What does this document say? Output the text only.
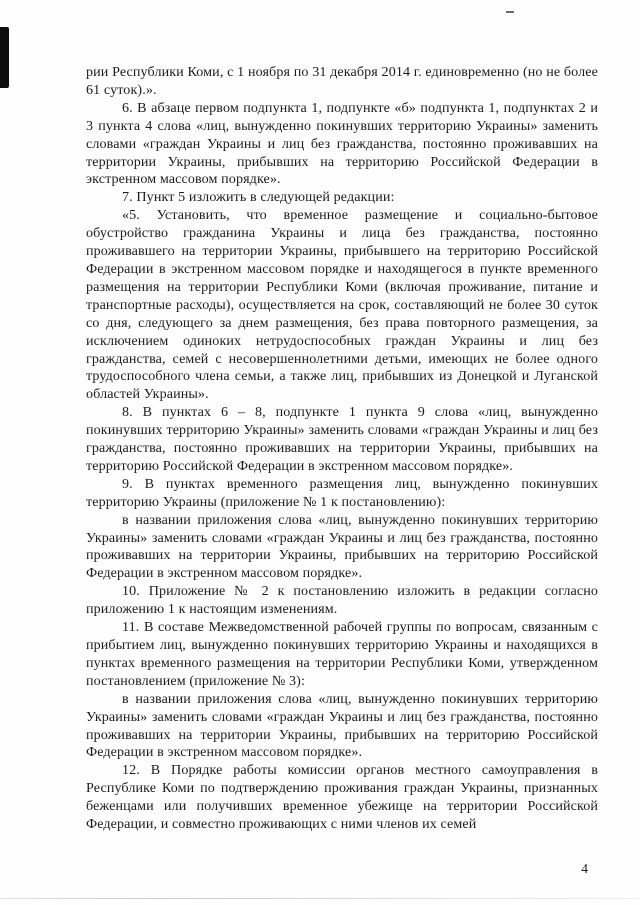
рии Республики Коми, с 1 ноября по 31 декабря 2014 г. единовременно (но не более 61 суток).».

6. В абзаце первом подпункта 1, подпункте «б» подпункта 1, подпунктах 2 и 3 пункта 4 слова «лиц, вынужденно покинувших территорию Украины» заменить словами «граждан Украины и лиц без гражданства, постоянно проживавших на территории Украины, прибывших на территорию Российской Федерации в экстренном массовом порядке».

7. Пункт 5 изложить в следующей редакции:

«5. Установить, что временное размещение и социально-бытовое обустройство гражданина Украины и лица без гражданства, постоянно проживавшего на территории Украины, прибывшего на территорию Российской Федерации в экстренном массовом порядке и находящегося в пункте временного размещения на территории Республики Коми (включая проживание, питание и транспортные расходы), осуществляется на срок, составляющий не более 30 суток со дня, следующего за днем размещения, без права повторного размещения, за исключением одиноких нетрудоспособных граждан Украины и лиц без гражданства, семей с несовершеннолетними детьми, имеющих не более одного трудоспособного члена семьи, а также лиц, прибывших из Донецкой и Луганской областей Украины».

8. В пунктах 6 – 8, подпункте 1 пункта 9 слова «лиц, вынужденно покинувших территорию Украины» заменить словами «граждан Украины и лиц без гражданства, постоянно проживавших на территории Украины, прибывших на территорию Российской Федерации в экстренном массовом порядке».

9. В пунктах временного размещения лиц, вынужденно покинувших территорию Украины (приложение № 1 к постановлению):

в названии приложения слова «лиц, вынужденно покинувших территорию Украины» заменить словами «граждан Украины и лиц без гражданства, постоянно проживавших на территории Украины, прибывших на территорию Российской Федерации в экстренном массовом порядке».

10. Приложение № 2 к постановлению изложить в редакции согласно приложению 1 к настоящим изменениям.

11. В составе Межведомственной рабочей группы по вопросам, связанным с прибытием лиц, вынужденно покинувших территорию Украины и находящихся в пунктах временного размещения на территории Республики Коми, утвержденном постановлением (приложение № 3):

в названии приложения слова «лиц, вынужденно покинувших территорию Украины» заменить словами «граждан Украины и лиц без гражданства, постоянно проживавших на территории Украины, прибывших на территорию Российской Федерации в экстренном массовом порядке».

12. В Порядке работы комиссии органов местного самоуправления в Республике Коми по подтверждению проживания граждан Украины, признанных беженцами или получивших временное убежище на территории Российской Федерации, и совместно проживающих с ними членов их семей

4
